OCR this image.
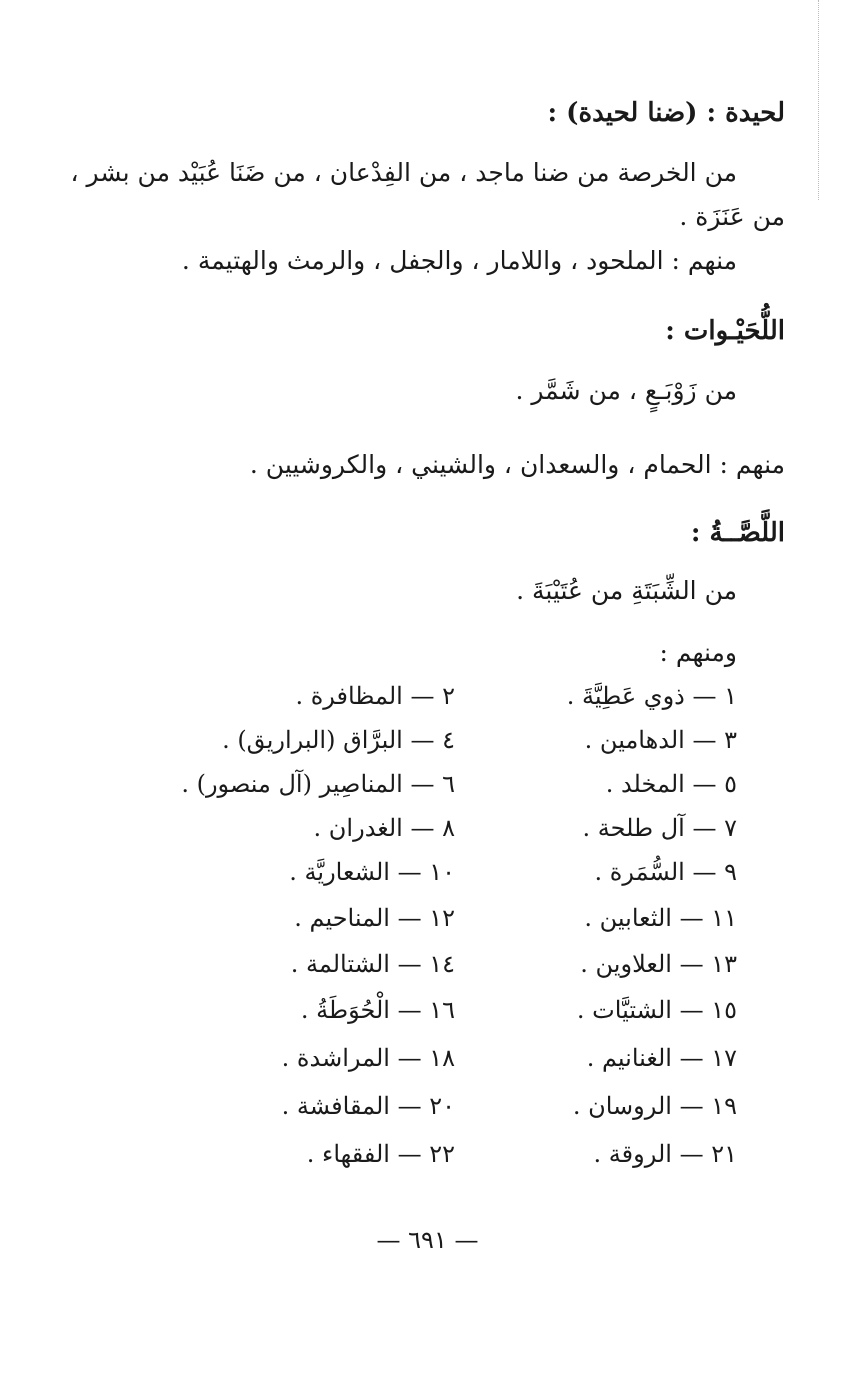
لحيدة : (ضنا لحيدة) :
من الخرصة من ضنا ماجد ، من الفِدْعان ، من ضَنَا عُبَيْد من بشر ،
من عَنَزَة .
منهم : الملحود ، واللامار ، والجفل ، والرمث والهتيمة .
اللُّحَيْـوات :
من زَوْبَـعٍ ، من شَمَّر .
منهم : الحمام ، والسعدان ، والشيني ، والكروشيين .
اللَّصَّــةُ :
من الشِّبَتَةِ من عُتَيْبَةَ .
ومنهم :
١ — ذوي عَطِيَّةَ .
٢ — المظافرة .
٣ — الدهامين .
٤ — البرَّاق (البراريق) .
٥ — المخلد .
٦ — المناصِير (آل منصور) .
٧ — آل طلحة .
٨ — الغدران .
٩ — السُّمَرة .
١٠ — الشعاريَّة .
١١ — الثعابين .
١٢ — المناحيم .
١٣ — العلاوين .
١٤ — الشتالمة .
١٥ — الشتيَّات .
١٦ — الْحُوَطَةُ .
١٧ — الغنانيم .
١٨ — المراشدة .
١٩ — الروسان .
٢٠ — المقافشة .
٢١ — الروقة .
٢٢ — الفقهاء .
— ٦٩١ —
